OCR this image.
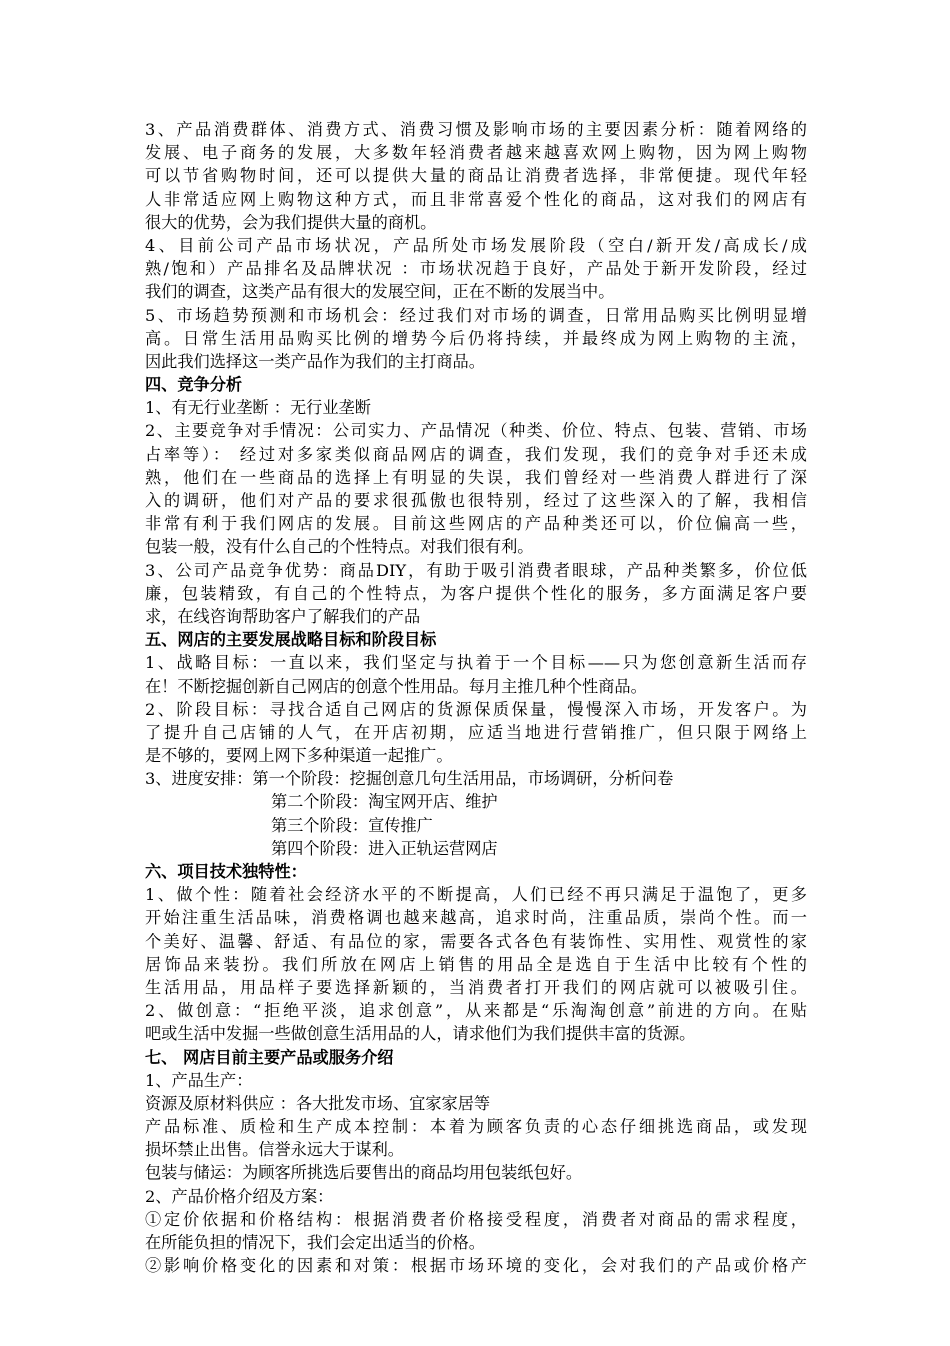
3、产品消费群体、消费方式、消费习惯及影响市场的主要因素分析：随着网络的
发展、电子商务的发展，大多数年轻消费者越来越喜欢网上购物，因为网上购物
可以节省购物时间，还可以提供大量的商品让消费者选择，非常便捷。现代年轻
人非常适应网上购物这种方式，而且非常喜爱个性化的商品，这对我们的网店有
很大的优势，会为我们提供大量的商机。
4、目前公司产品市场状况，产品所处市场发展阶段（空白/新开发/高成长/成
熟/饱和）产品排名及品牌状况 ：市场状况趋于良好，产品处于新开发阶段，经过
我们的调查，这类产品有很大的发展空间，正在不断的发展当中。
5、市场趋势预测和市场机会：经过我们对市场的调查，日常用品购买比例明显增
高。日常生活用品购买比例的增势今后仍将持续，并最终成为网上购物的主流，
因此我们选择这一类产品作为我们的主打商品。
四、竞争分析
1、有无行业垄断 ：无行业垄断
2、主要竞争对手情况：公司实力、产品情况（种类、价位、特点、包装、营销、市场
占率等）： 经过对多家类似商品网店的调查，我们发现，我们的竞争对手还未成
熟，他们在一些商品的选择上有明显的失误，我们曾经对一些消费人群进行了深
入的调研，他们对产品的要求很孤傲也很特别，经过了这些深入的了解，我相信
非常有利于我们网店的发展。目前这些网店的产品种类还可以，价位偏高一些，
包装一般，没有什么自己的个性特点。对我们很有利。
3、公司产品竞争优势：商品DIY，有助于吸引消费者眼球，产品种类繁多，价位低
廉，包装精致，有自己的个性特点，为客户提供个性化的服务，多方面满足客户要
求，在线咨询帮助客户了解我们的产品
五、网店的主要发展战略目标和阶段目标
1、战略目标：一直以来，我们坚定与执着于一个目标——只为您创意新生活而存
在！不断挖掘创新自己网店的创意个性用品。每月主推几种个性商品。
2、阶段目标：寻找合适自己网店的货源保质保量，慢慢深入市场，开发客户。为
了提升自己店铺的人气，在开店初期，应适当地进行营销推广，但只限于网络上
是不够的，要网上网下多种渠道一起推广。
3、进度安排：第一个阶段：挖掘创意几句生活用品，市场调研，分析问卷
第二个阶段：淘宝网开店、维护
第三个阶段：宣传推广
第四个阶段：进入正轨运营网店
六、项目技术独特性：
1、做个性：随着社会经济水平的不断提高，人们已经不再只满足于温饱了，更多
开始注重生活品味，消费格调也越来越高，追求时尚，注重品质，崇尚个性。而一
个美好、温馨、舒适、有品位的家，需要各式各色有装饰性、实用性、观赏性的家
居饰品来装扮。我们所放在网店上销售的用品全是选自于生活中比较有个性的
生活用品，用品样子要选择新颖的，当消费者打开我们的网店就可以被吸引住。
2、做创意：“拒绝平淡，追求创意”，从来都是“乐淘淘创意”前进的方向。在贴
吧或生活中发掘一些做创意生活用品的人，请求他们为我们提供丰富的货源。
七、 网店目前主要产品或服务介绍
1、产品生产：
资源及原材料供应 ：各大批发市场、宜家家居等
产品标准、质检和生产成本控制：本着为顾客负责的心态仔细挑选商品，或发现
损坏禁止出售。信誉永远大于谋利。
包装与储运：为顾客所挑选后要售出的商品均用包装纸包好。
2、产品价格介绍及方案：
①定价依据和价格结构：根据消费者价格接受程度，消费者对商品的需求程度，
在所能负担的情况下，我们会定出适当的价格。
②影响价格变化的因素和对策：根据市场环境的变化，会对我们的产品或价格产
